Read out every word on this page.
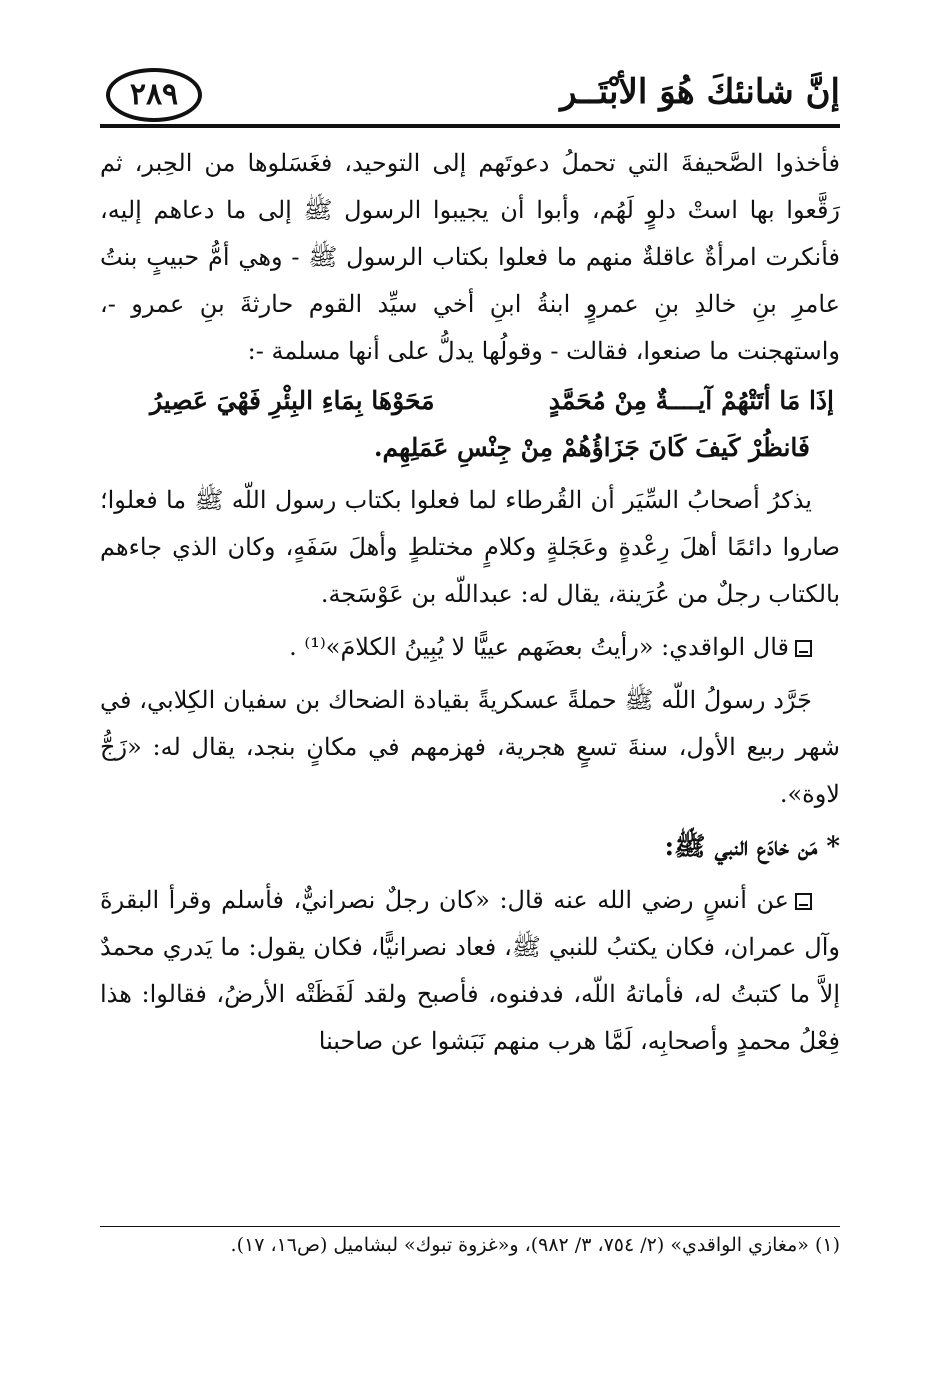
إنَّ شانئكَ هُوَ الأبْتَــر
٢٨٩

فأخذوا الصَّحيفةَ التي تحملُ دعوتَهم إلى التوحيد، فغَسَلوها من الحِبر، ثم رَقَّعوا بها استْ دلوٍ لَهُم، وأبوا أن يجيبوا الرسول ﷺ إلى ما دعاهم إليه، فأنكرت امرأةٌ عاقلةٌ منهم ما فعلوا بكتاب الرسول ﷺ - وهي أمُّ حبيبٍ بنتُ عامرِ بنِ خالدِ بنِ عمروٍ ابنةُ ابنِ أخي سيِّد القوم حارثةَ بنِ عمرو -، واستهجنت ما صنعوا، فقالت - وقولُها يدلُّ على أنها مسلمة -:

إذَا مَا أتَتْهُمْ آيــــةٌ مِنْ مُحَمَّدٍ
مَحَوْهَا بِمَاءِ البِئْرِ فَهْيَ عَصِيرُ
فَانظُرْ كَيفَ كَانَ جَزَاؤُهُمْ مِنْ جِنْسِ عَمَلِهِم.

يذكرُ أصحابُ السِّيَر أن القُرطاء لما فعلوا بكتاب رسول اللّه ﷺ ما فعلوا؛ صاروا دائمًا أهلَ رِعْدةٍ وعَجَلةٍ وكلامٍ مختلطٍ وأهلَ سَفَهٍ، وكان الذي جاءهم بالكتاب رجلٌ من عُرَينة، يقال له: عبداللّه بن عَوْسَجة.

قال الواقدي: «رأيتُ بعضَهم عييًّا لا يُبِينُ الكلامَ»⁽¹⁾ .

جَرَّد رسولُ اللّه ﷺ حملةً عسكريةً بقيادة الضحاك بن سفيان الكِلابي، في شهر ربيع الأول، سنةَ تسعٍ هجرية، فهزمهم في مكانٍ بنجد، يقال له: «زَجُّ لاوة».

* مَن خادَع النبي ﷺ:

عن أنسٍ رضي الله عنه قال: «كان رجلٌ نصرانيٌّ، فأسلم وقرأ البقرةَ وآل عمران، فكان يكتبُ للنبي ﷺ، فعاد نصرانيًّا، فكان يقول: ما يَدري محمدٌ إلاَّ ما كتبتُ له، فأماتهُ اللّه، فدفنوه، فأصبح ولقد لَفَظَتْه الأرضُ، فقالوا: هذا فِعْلُ محمدٍ وأصحابِه، لَمَّا هرب منهم نَبَشوا عن صاحبنا

(١) «مغازي الواقدي» (٢/ ٧٥٤، ٣/ ٩٨٢)، و«غزوة تبوك» لبشاميل (ص١٦، ١٧).
